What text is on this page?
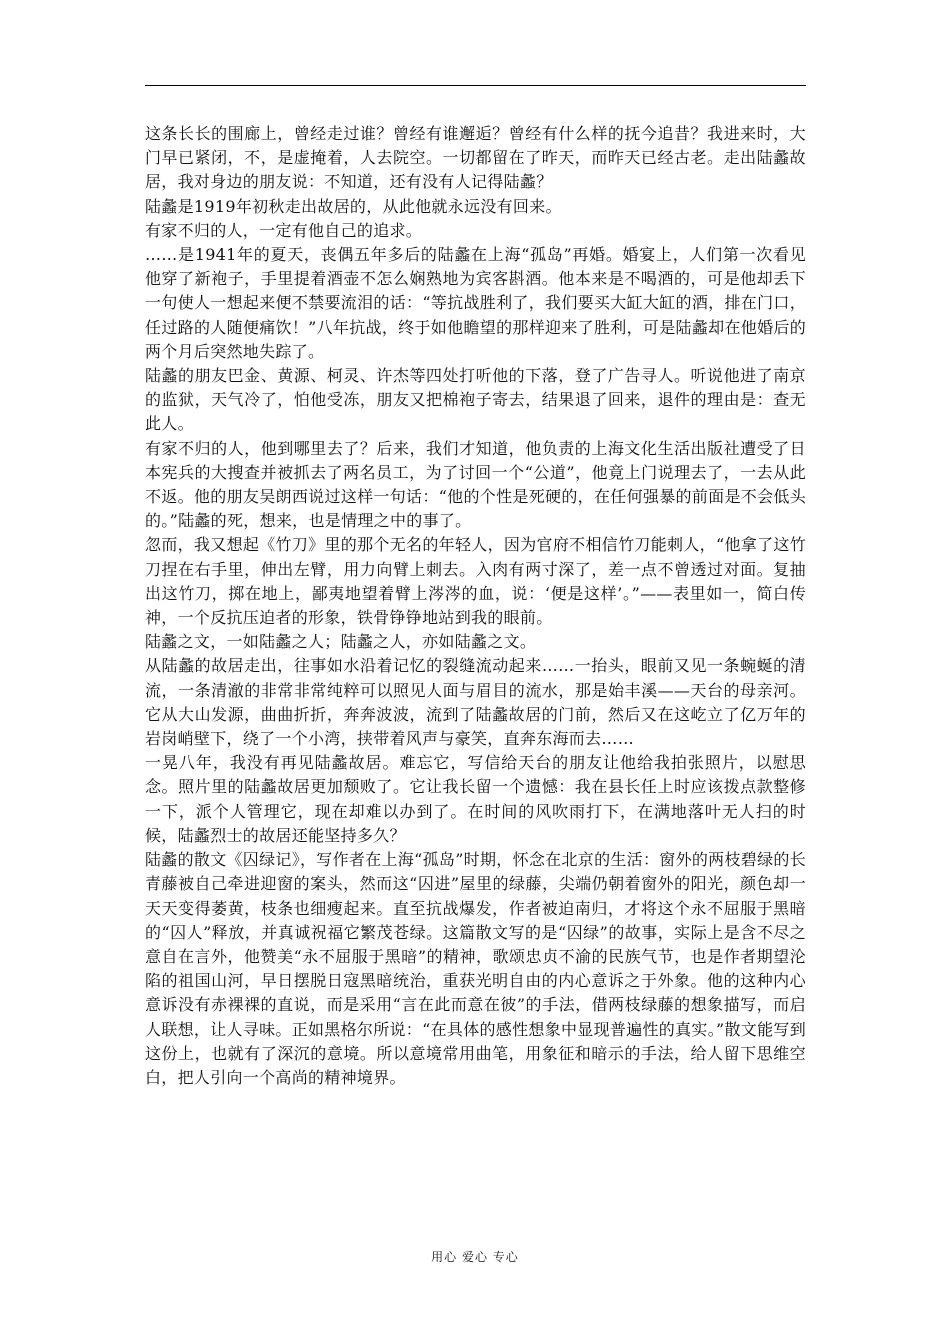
这条长长的围廊上，曾经走过谁？曾经有谁邂逅？曾经有什么样的抚今追昔？我进来时，大门早已紧闭，不，是虚掩着，人去院空。一切都留在了昨天，而昨天已经古老。走出陆蠡故居，我对身边的朋友说：不知道，还有没有人记得陆蠡？

陆蠡是1919年初秋走出故居的，从此他就永远没有回来。

有家不归的人，一定有他自己的追求。

……是1941年的夏天，丧偶五年多后的陆蠡在上海“孤岛”再婚。婚宴上，人们第一次看见他穿了新袍子，手里提着酒壶不怎么娴熟地为宾客斟酒。他本来是不喝酒的，可是他却丢下一句使人一想起来便不禁要流泪的话：“等抗战胜利了，我们要买大缸大缸的酒，排在门口，任过路的人随便痛饮！”八年抗战，终于如他瞻望的那样迎来了胜利，可是陆蠡却在他婚后的两个月后突然地失踪了。

陆蠡的朋友巴金、黄源、柯灵、许杰等四处打听他的下落，登了广告寻人。听说他进了南京的监狱，天气冷了，怕他受冻，朋友又把棉袍子寄去，结果退了回来，退件的理由是：查无此人。

有家不归的人，他到哪里去了？后来，我们才知道，他负责的上海文化生活出版社遭受了日本宪兵的大搜查并被抓去了两名员工，为了讨回一个“公道”，他竟上门说理去了，一去从此不返。他的朋友吴朗西说过这样一句话：“他的个性是死硬的，在任何强暴的前面是不会低头的。”陆蠡的死，想来，也是情理之中的事了。

忽而，我又想起《竹刀》里的那个无名的年轻人，因为官府不相信竹刀能刺人，“他拿了这竹刀捏在右手里，伸出左臂，用力向臂上刺去。入肉有两寸深了，差一点不曾透过对面。复抽出这竹刀，掷在地上，鄙夷地望着臂上涔涔的血，说：‘便是这样’。”——表里如一，简白传神，一个反抗压迫者的形象，铁骨铮铮地站到我的眼前。

陆蠡之文，一如陆蠡之人；陆蠡之人，亦如陆蠡之文。

从陆蠡的故居走出，往事如水沿着记忆的裂缝流动起来……一抬头，眼前又见一条蜿蜒的清流，一条清澈的非常非常纯粹可以照见人面与眉目的流水，那是始丰溪——天台的母亲河。它从大山发源，曲曲折折，奔奔波波，流到了陆蠡故居的门前，然后又在这屹立了亿万年的岩岗峭壁下，绕了一个小湾，挟带着风声与豪笑，直奔东海而去……

一晃八年，我没有再见陆蠡故居。难忘它，写信给天台的朋友让他给我拍张照片，以慰思念。照片里的陆蠡故居更加颓败了。它让我长留一个遗憾：我在县长任上时应该拨点款整修一下，派个人管理它，现在却难以办到了。在时间的风吹雨打下，在满地落叶无人扫的时候，陆蠡烈士的故居还能坚持多久？

陆蠡的散文《囚绿记》，写作者在上海“孤岛”时期，怀念在北京的生活：窗外的两枝碧绿的长青藤被自己牵进迎窗的案头，然而这“囚进”屋里的绿藤，尖端仍朝着窗外的阳光，颜色却一天天变得萎黄，枝条也细瘦起来。直至抗战爆发，作者被迫南归，才将这个永不屈服于黑暗的“囚人”释放，并真诚祝福它繁茂苍绿。这篇散文写的是“囚绿”的故事，实际上是含不尽之意自在言外，他赞美“永不屈服于黑暗”的精神，歌颂忠贞不渝的民族气节，也是作者期望沦陷的祖国山河，早日摆脱日寇黑暗统治，重获光明自由的内心意诉之于外象。他的这种内心意诉没有赤裸裸的直说，而是采用“言在此而意在彼”的手法，借两枝绿藤的想象描写，而启人联想，让人寻味。正如黑格尔所说：“在具体的感性想象中显现普遍性的真实。”散文能写到这份上，也就有了深沉的意境。所以意境常用曲笔，用象征和暗示的手法，给人留下思维空白，把人引向一个高尚的精神境界。

用心 爱心 专心
